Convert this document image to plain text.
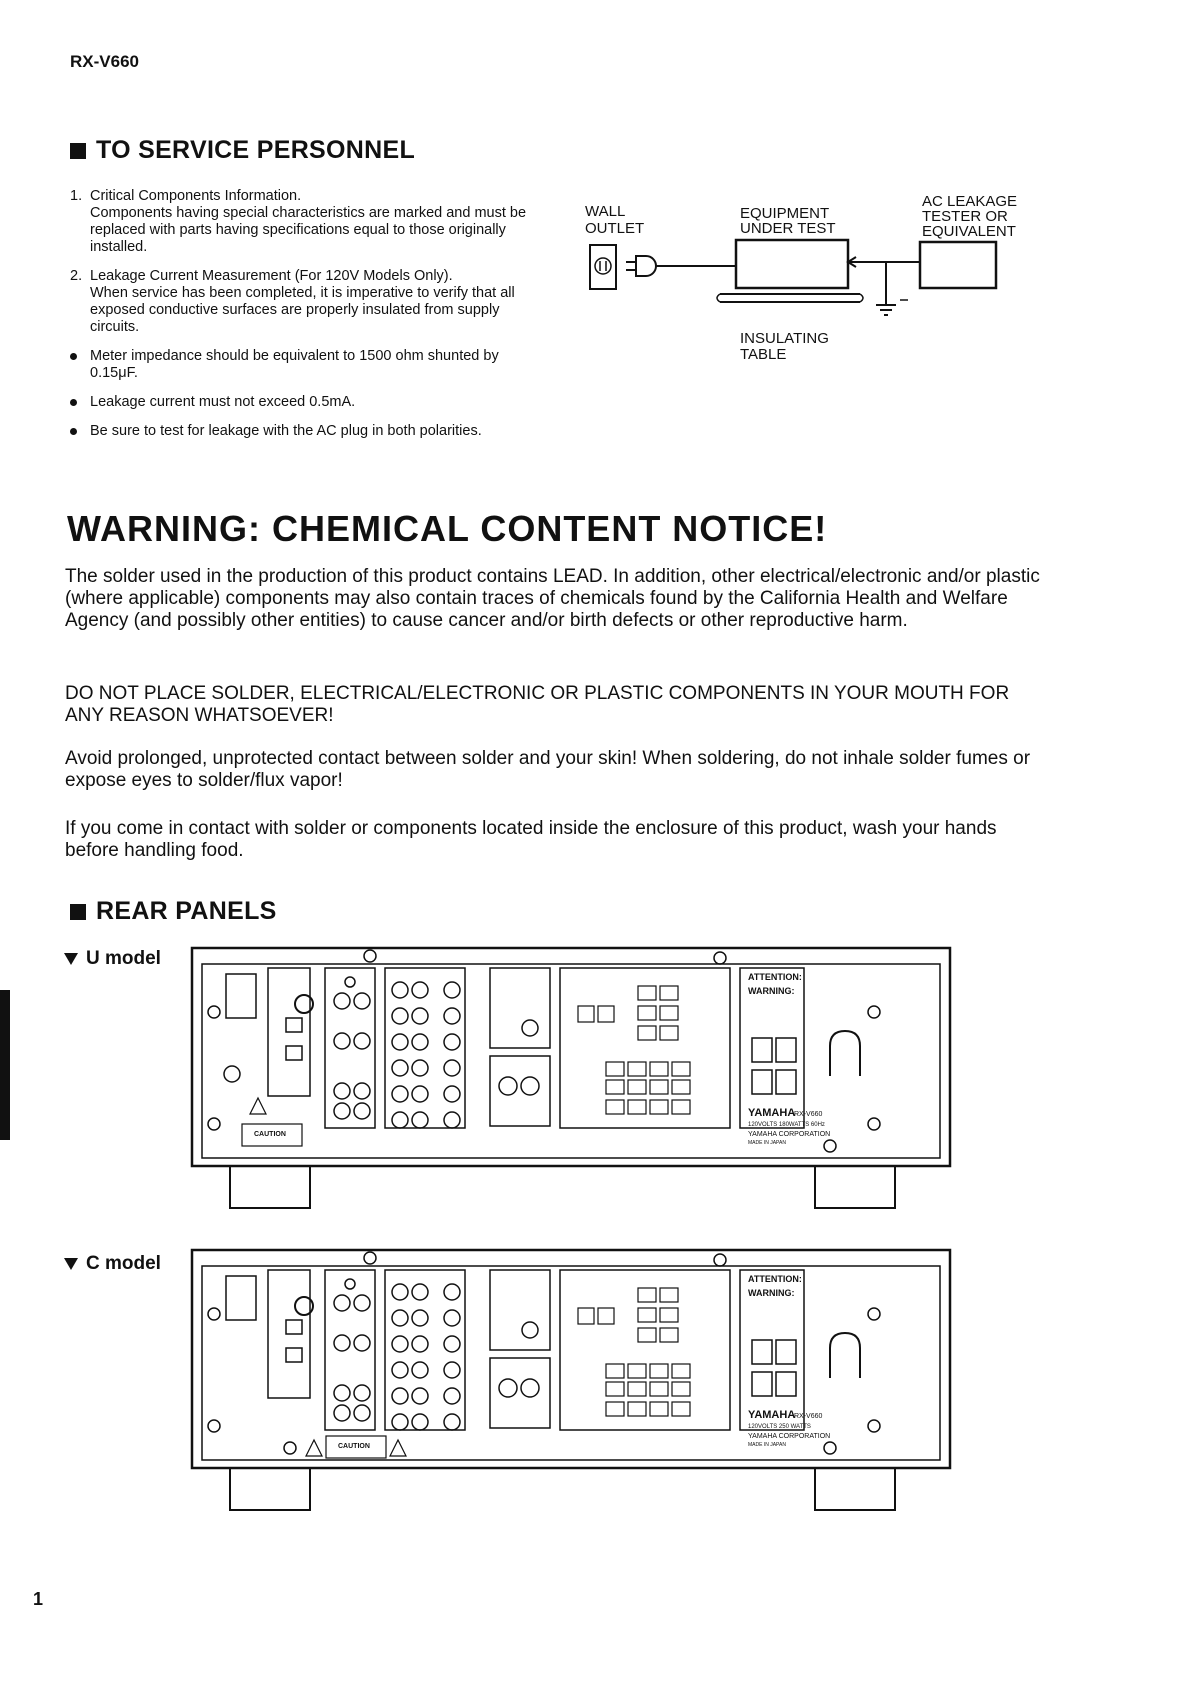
RX-V660
TO SERVICE PERSONNEL
1. Critical Components Information.
Components having special characteristics are marked and must be replaced with parts having specifications equal to those originally installed.
2. Leakage Current Measurement (For 120V Models Only).
When service has been completed, it is imperative to verify that all exposed conductive surfaces are properly insulated from supply circuits.
Meter impedance should be equivalent to 1500 ohm shunted by 0.15μF.
Leakage current must not exceed 0.5mA.
Be sure to test for leakage with the AC plug in both polarities.
WALL
OUTLET
EQUIPMENT
UNDER TEST
AC LEAKAGE
TESTER OR
EQUIVALENT
INSULATING
TABLE
WARNING: CHEMICAL CONTENT NOTICE!

The solder used in the production of this product contains LEAD. In addition, other electrical/electronic and/or plastic (where applicable) components may also contain traces of chemicals found by the California Health and Welfare Agency (and possibly other entities) to cause cancer and/or birth defects or other reproductive harm.

DO NOT PLACE SOLDER, ELECTRICAL/ELECTRONIC OR PLASTIC COMPONENTS IN YOUR MOUTH FOR ANY REASON WHATSOEVER!

Avoid prolonged, unprotected contact between solder and your skin! When soldering, do not inhale solder fumes or expose eyes to solder/flux vapor!

If you come in contact with solder or components located inside the enclosure of this product, wash your hands before handling food.

REAR PANELS
U model
C model
ATTENTION:
WARNING:
YAMAHA
RX-V660
120VOLTS 180WATTS 60Hz
YAMAHA CORPORATION
MADE IN JAPAN
CAUTION
ATTENTION:
WARNING:
YAMAHA
RX-V660
120VOLTS 250 WATTS
YAMAHA CORPORATION
MADE IN JAPAN
CAUTION
1
